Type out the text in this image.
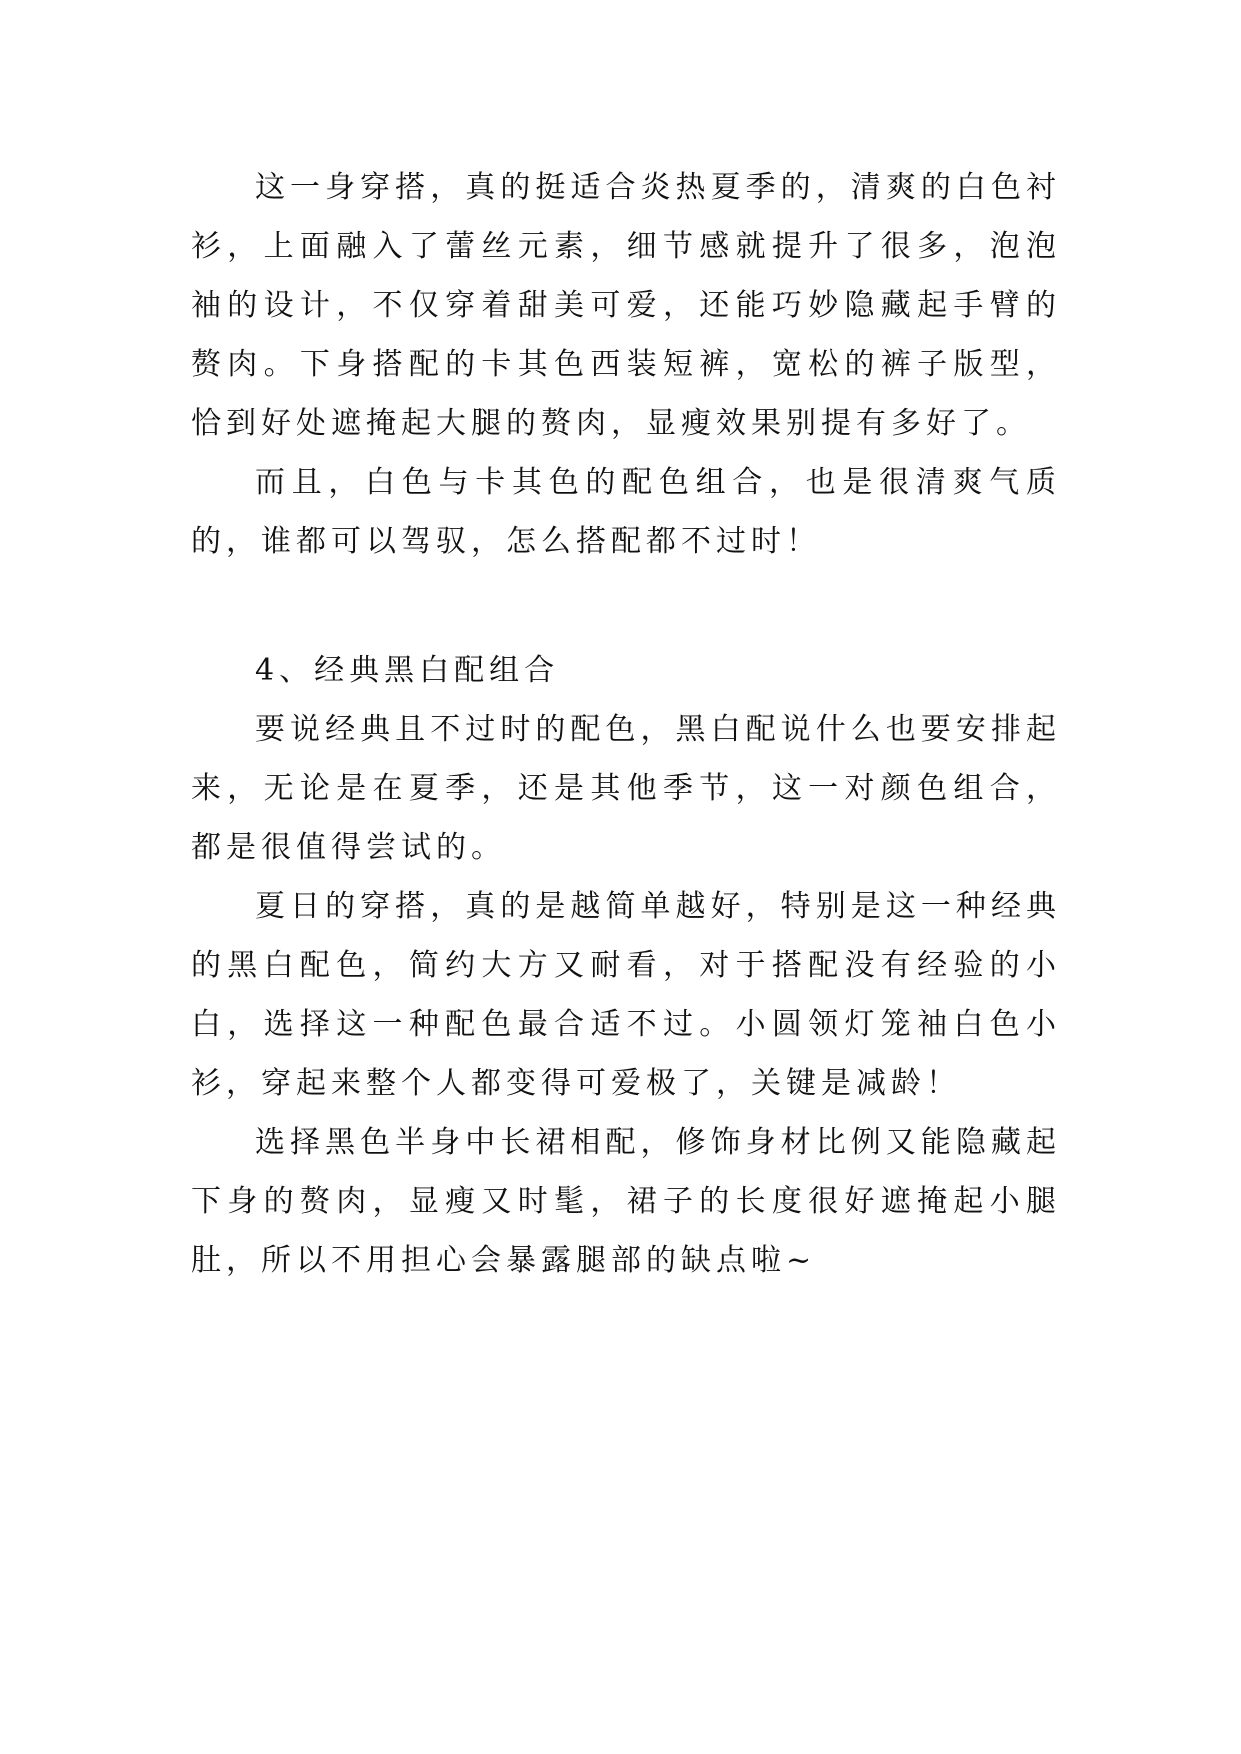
这一身穿搭，真的挺适合炎热夏季的，清爽的白色衬衫，上面融入了蕾丝元素，细节感就提升了很多，泡泡袖的设计，不仅穿着甜美可爱，还能巧妙隐藏起手臂的赘肉。下身搭配的卡其色西装短裤，宽松的裤子版型，恰到好处遮掩起大腿的赘肉，显瘦效果别提有多好了。

而且，白色与卡其色的配色组合，也是很清爽气质的，谁都可以驾驭，怎么搭配都不过时！

4、经典黑白配组合

要说经典且不过时的配色，黑白配说什么也要安排起来，无论是在夏季，还是其他季节，这一对颜色组合，都是很值得尝试的。

夏日的穿搭，真的是越简单越好，特别是这一种经典的黑白配色，简约大方又耐看，对于搭配没有经验的小白，选择这一种配色最合适不过。小圆领灯笼袖白色小衫，穿起来整个人都变得可爱极了，关键是减龄！

选择黑色半身中长裙相配，修饰身材比例又能隐藏起下身的赘肉，显瘦又时髦，裙子的长度很好遮掩起小腿肚，所以不用担心会暴露腿部的缺点啦~
